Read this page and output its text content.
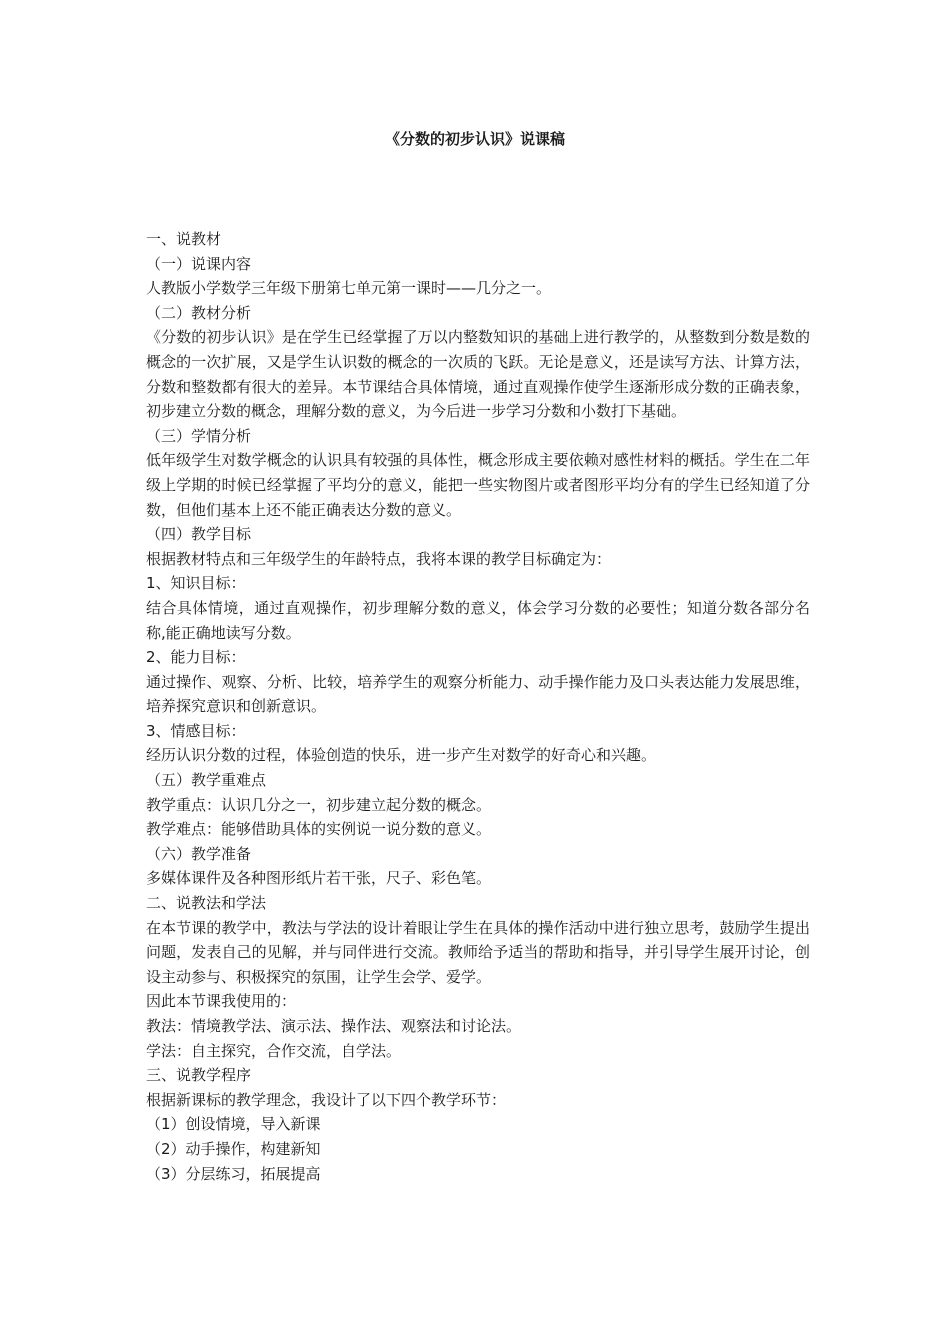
《分数的初步认识》说课稿

一、说教材

（一）说课内容

人教版小学数学三年级下册第七单元第一课时——几分之一。

（二）教材分析

《分数的初步认识》是在学生已经掌握了万以内整数知识的基础上进行教学的，从整数到分数是数的概念的一次扩展，又是学生认识数的概念的一次质的飞跃。无论是意义，还是读写方法、计算方法，分数和整数都有很大的差异。本节课结合具体情境，通过直观操作使学生逐渐形成分数的正确表象，初步建立分数的概念，理解分数的意义，为今后进一步学习分数和小数打下基础。

（三）学情分析

低年级学生对数学概念的认识具有较强的具体性，概念形成主要依赖对感性材料的概括。学生在二年级上学期的时候已经掌握了平均分的意义，能把一些实物图片或者图形平均分有的学生已经知道了分数，但他们基本上还不能正确表达分数的意义。

（四）教学目标

根据教材特点和三年级学生的年龄特点，我将本课的教学目标确定为：

1、知识目标：

结合具体情境，通过直观操作，初步理解分数的意义，体会学习分数的必要性；知道分数各部分名称,能正确地读写分数。

2、能力目标：

通过操作、观察、分析、比较，培养学生的观察分析能力、动手操作能力及口头表达能力发展思维，培养探究意识和创新意识。

3、情感目标：

经历认识分数的过程，体验创造的快乐，进一步产生对数学的好奇心和兴趣。

（五）教学重难点

教学重点：认识几分之一，初步建立起分数的概念。

教学难点：能够借助具体的实例说一说分数的意义。

（六）教学准备

多媒体课件及各种图形纸片若干张，尺子、彩色笔。

二、说教法和学法

在本节课的教学中，教法与学法的设计着眼让学生在具体的操作活动中进行独立思考，鼓励学生提出问题，发表自己的见解，并与同伴进行交流。教师给予适当的帮助和指导，并引导学生展开讨论，创设主动参与、积极探究的氛围，让学生会学、爱学。

因此本节课我使用的：

教法：情境教学法、演示法、操作法、观察法和讨论法。

学法：自主探究，合作交流，自学法。

三、说教学程序

根据新课标的教学理念，我设计了以下四个教学环节：

（1）创设情境，导入新课

（2）动手操作，构建新知

（3）分层练习，拓展提高
